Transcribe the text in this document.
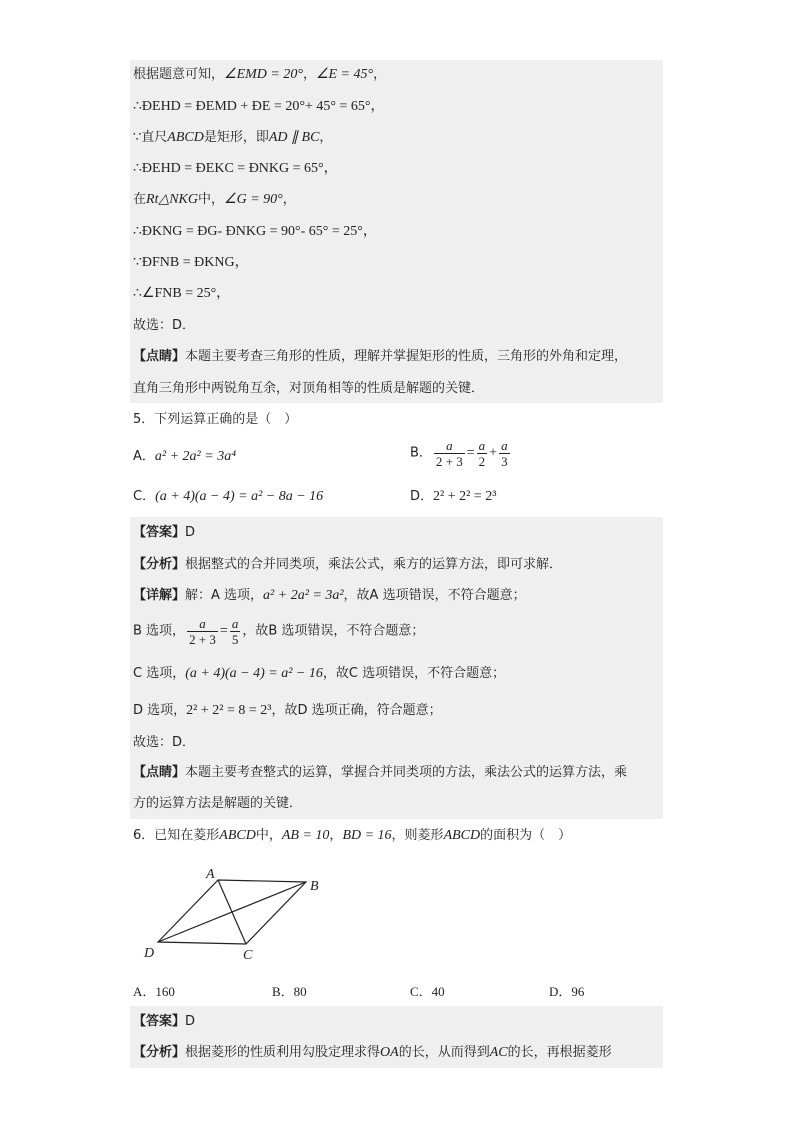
根据题意可知，∠EMD = 20°，∠E = 45°，
∴ĐEHD = ĐEMD + ĐE = 20°+ 45° = 65°，
∵直尺ABCD是矩形，即AD ∥ BC，
∴ĐEHD = ĐEKC = ĐNKG = 65°，
在Rt△NKG中，∠G = 90°，
∴ĐKNG = ĐG- ĐNKG = 90°- 65° = 25°，
∵ĐFNB = ĐKNG，
∴∠FNB = 25°，
故选：D．
【点睛】本题主要考查三角形的性质，理解并掌握矩形的性质，三角形的外角和定理，
直角三角形中两锐角互余，对顶角相等的性质是解题的关键．
5．下列运算正确的是（　）
A．a² + 2a² = 3a⁴	B． $\frac{a}{2 + 3} = \frac{a}{2} + \frac{a}{3}$
C．(a + 4)(a − 4) = a² − 8a − 16	D．2² + 2² = 2³
【答案】D
【分析】根据整式的合并同类项，乘法公式，乘方的运算方法，即可求解．
【详解】解：A 选项，a² + 2a² = 3a²，故A 选项错误，不符合题意；
B 选项， $\frac{a}{2 + 3} = \frac{a}{5}$ ，故B 选项错误，不符合题意；
C 选项，(a + 4)(a − 4) = a² − 16，故C 选项错误，不符合题意；
D 选项，2² + 2² = 8 = 2³，故D 选项正确，符合题意；
故选：D．
【点睛】本题主要考查整式的运算，掌握合并同类项的方法，乘法公式的运算方法，乘
方的运算方法是解题的关键．
6．已知在菱形ABCD中，AB = 10，BD = 16，则菱形ABCD的面积为（　）
A
B
C
D
A．160	B．80	C．40	D．96
【答案】D
【分析】根据菱形的性质利用勾股定理求得OA的长，从而得到AC的长，再根据菱形
